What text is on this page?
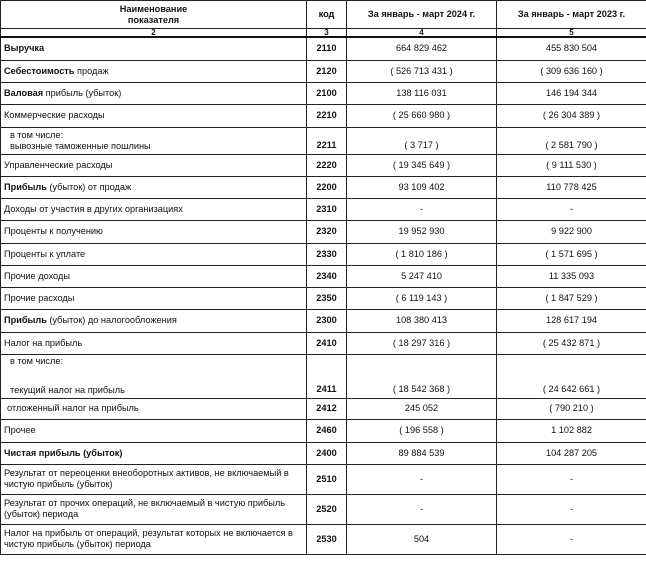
Наименование
показателя	код	За январь - март 2024 г.	За январь - март 2023 г.
2	3	4	5
Выручка	2110	664 829 462	455 830 504
Себестоимость продаж	2120	( 526 713 431 )	( 309 636 160 )
Валовая прибыль (убыток)	2100	138 116 031	146 194 344
Коммерческие расходы	2210	( 25 660 980 )	( 26 304 389 )

в том числе:
вывозные таможенные пошлины	2211	( 3 717 )	( 2 581 790 )
Управленческие расходы	2220	( 19 345 649 )	( 9 111 530 )
Прибыль (убыток) от продаж	2200	93 109 402	110 778 425
Доходы от участия в других организациях	2310	-	-
Проценты к получению	2320	19 952 930	9 922 900
Проценты к уплате	2330	( 1 810 186 )	( 1 571 695 )
Прочие доходы	2340	5 247 410	11 335 093
Прочие расходы	2350	( 6 119 143 )	( 1 847 529 )
Прибыль (убыток) до налогообложения	2300	108 380 413	128 617 194
Налог на прибыль	2410	( 18 297 316 )	( 25 432 871 )

в том числе:
текущий налог на прибыль	2411	( 18 542 368 )	( 24 642 661 )
отложенный налог на прибыль	2412	245 052	( 790 210 )
Прочее	2460	( 196 558 )	1 102 882
Чистая прибыль (убыток)	2400	89 884 539	104 287 205
Результат от переоценки внеоборотных активов, не включаемый в чистую прибыль (убыток)	2510	-	-
Результат от прочих операций, не включаемый в чистую прибыль (убыток) периода	2520	-	-
Налог на прибыль от операций, результат которых не включается в чистую прибыль (убыток) периода	2530	504	-
